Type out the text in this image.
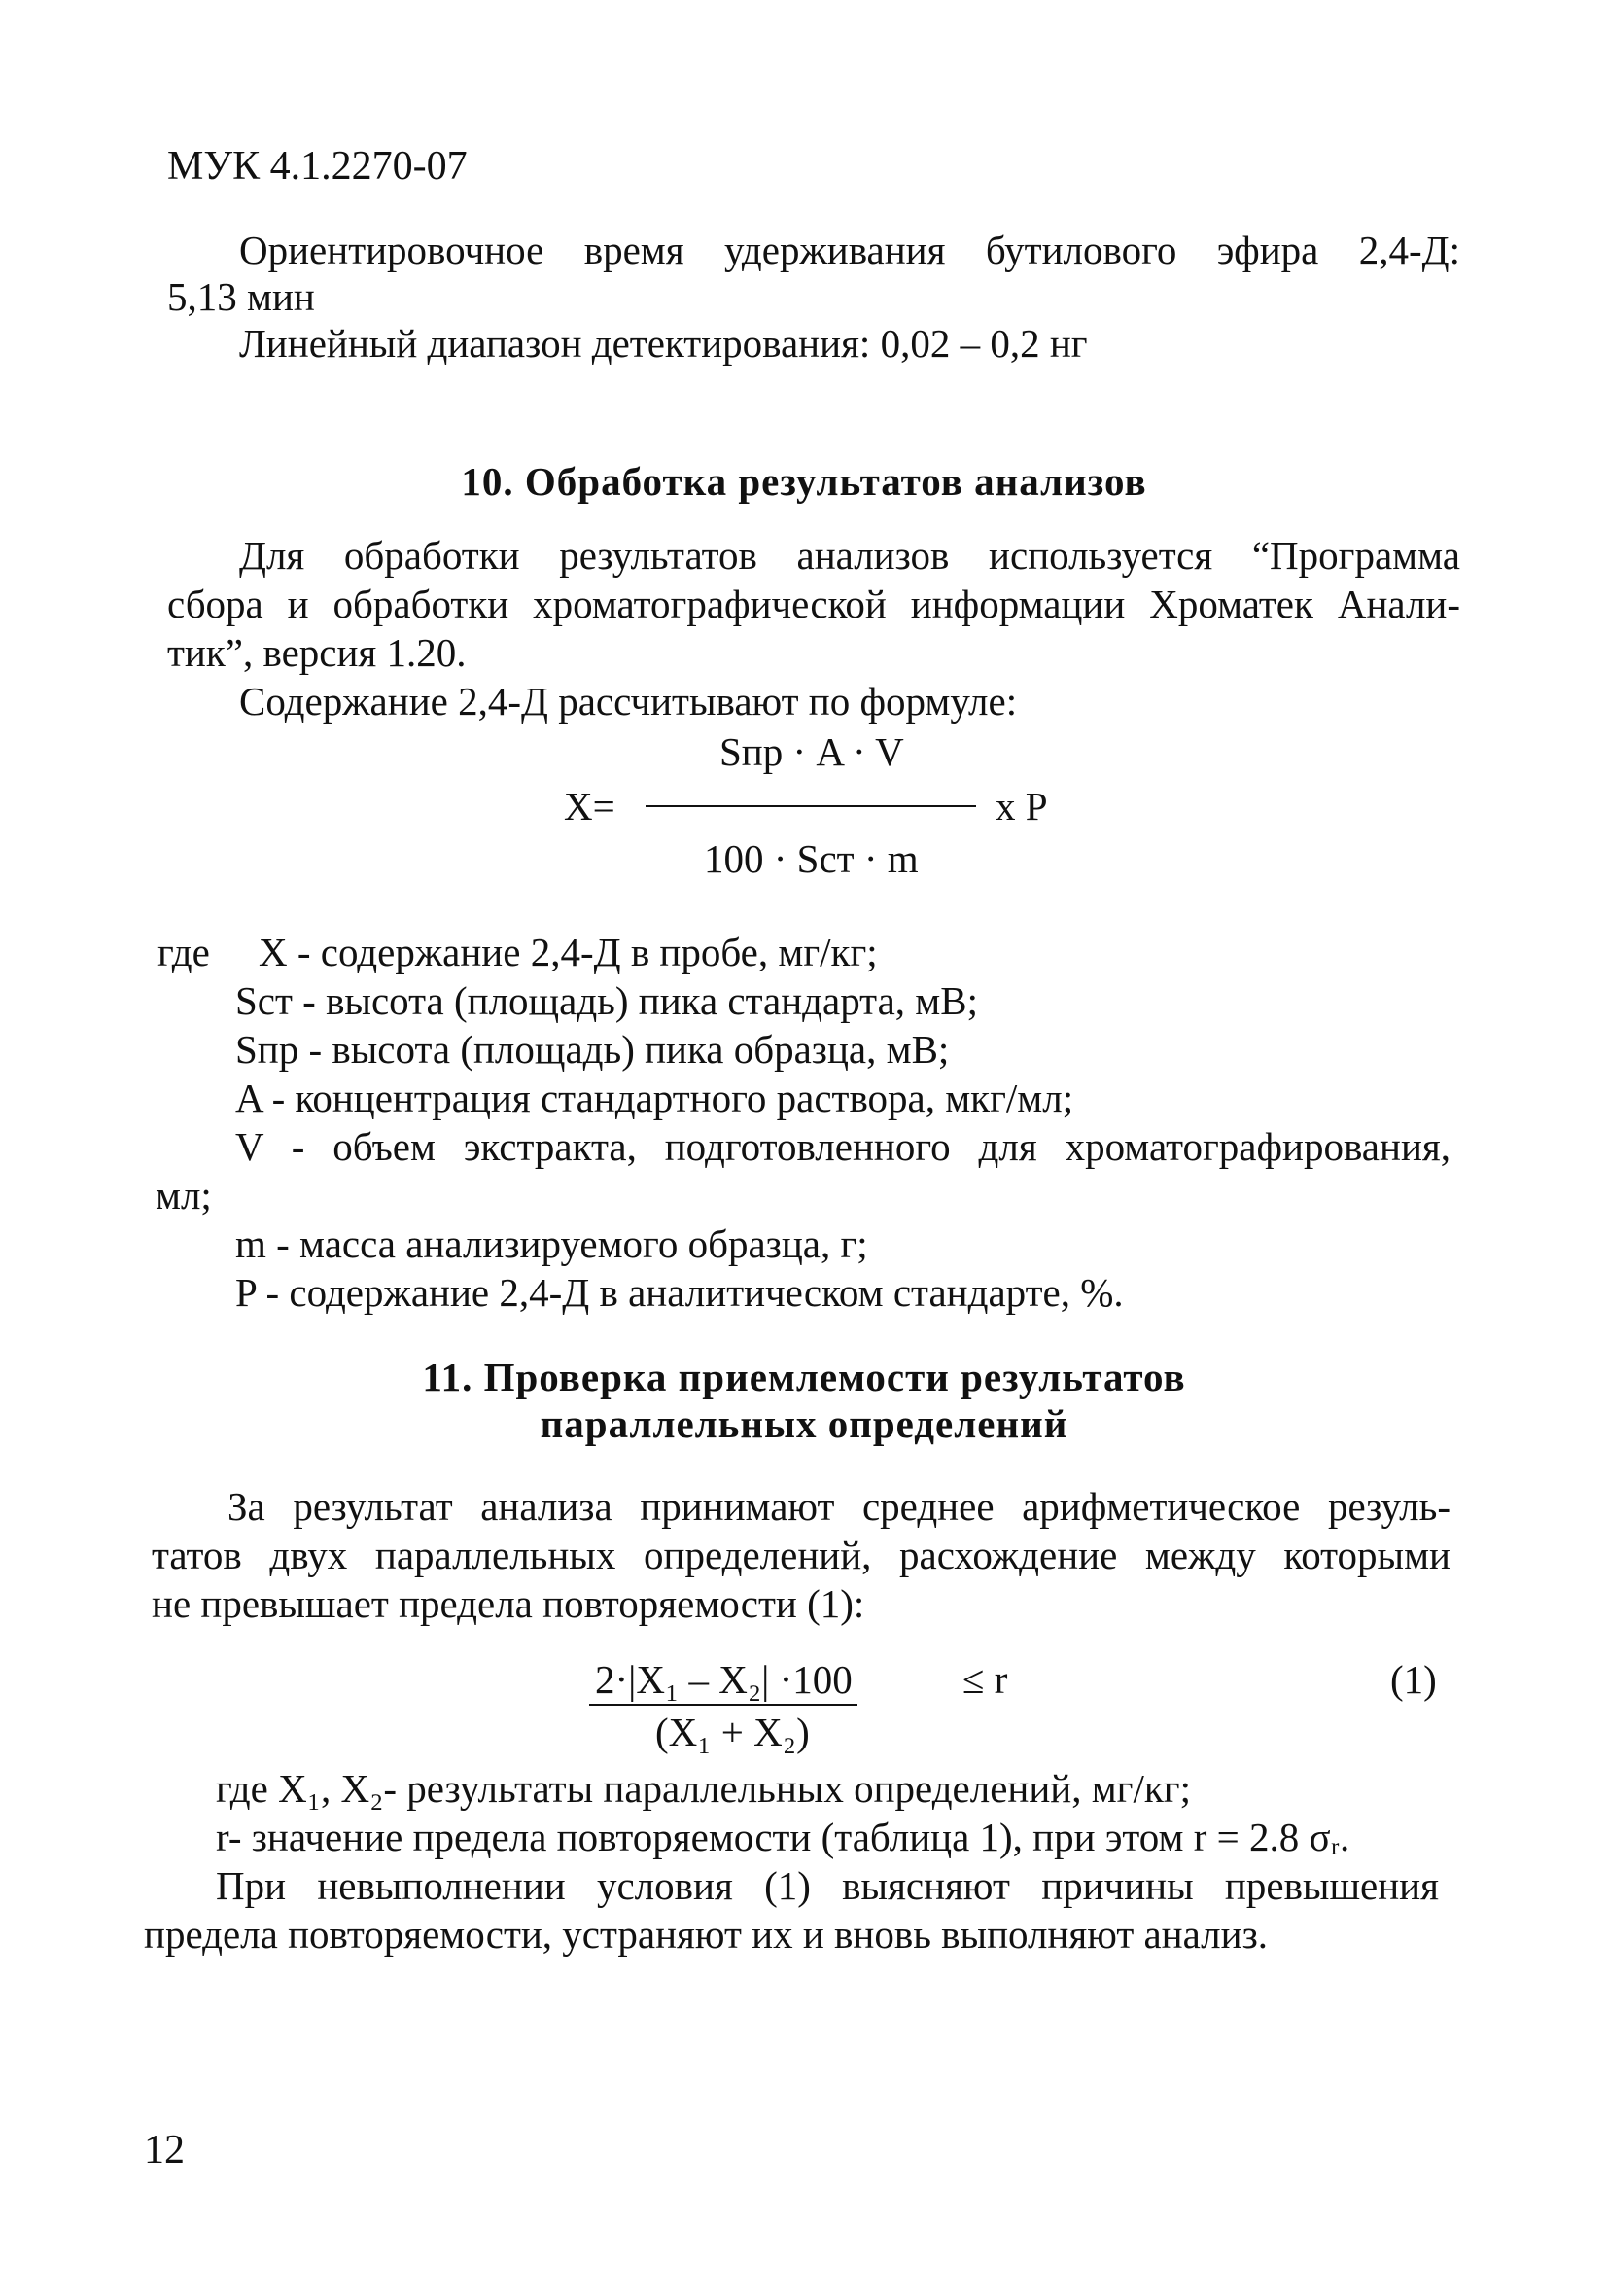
МУК 4.1.2270-07
Ориентировочное время удерживания бутилового эфира 2,4-Д:
5,13 мин
Линейный диапазон детектирования: 0,02 – 0,2 нг
10. Обработка результатов анализов
Для обработки результатов анализов используется “Программа
сбора и обработки хроматографической информации Хроматек Анали-
тик”, версия 1.20.
Содержание 2,4-Д рассчитывают по формуле:
Sпр · A · V
X=	x P
100 · Sст · m
где X - содержание 2,4-Д в пробе, мг/кг;
Sст - высота (площадь) пика стандарта, мВ;
Sпр - высота (площадь) пика образца, мВ;
A - концентрация стандартного раствора, мкг/мл;
V - объем экстракта, подготовленного для хроматографирования,
мл;
m - масса анализируемого образца, г;
P - содержание 2,4-Д в аналитическом стандарте, %.
11. Проверка приемлемости результатов
параллельных определений
За результат анализа принимают среднее арифметическое резуль-
татов двух параллельных определений, расхождение между которыми
не превышает предела повторяемости (1):
2·|X₁ – X₂| ·100
(X₁ + X₂)
≤ r	(1)
где X₁, X₂- результаты параллельных определений, мг/кг;
r- значение предела повторяемости (таблица 1), при этом r = 2.8 σᵣ.
При невыполнении условия (1) выясняют причины превышения
предела повторяемости, устраняют их и вновь выполняют анализ.
12
